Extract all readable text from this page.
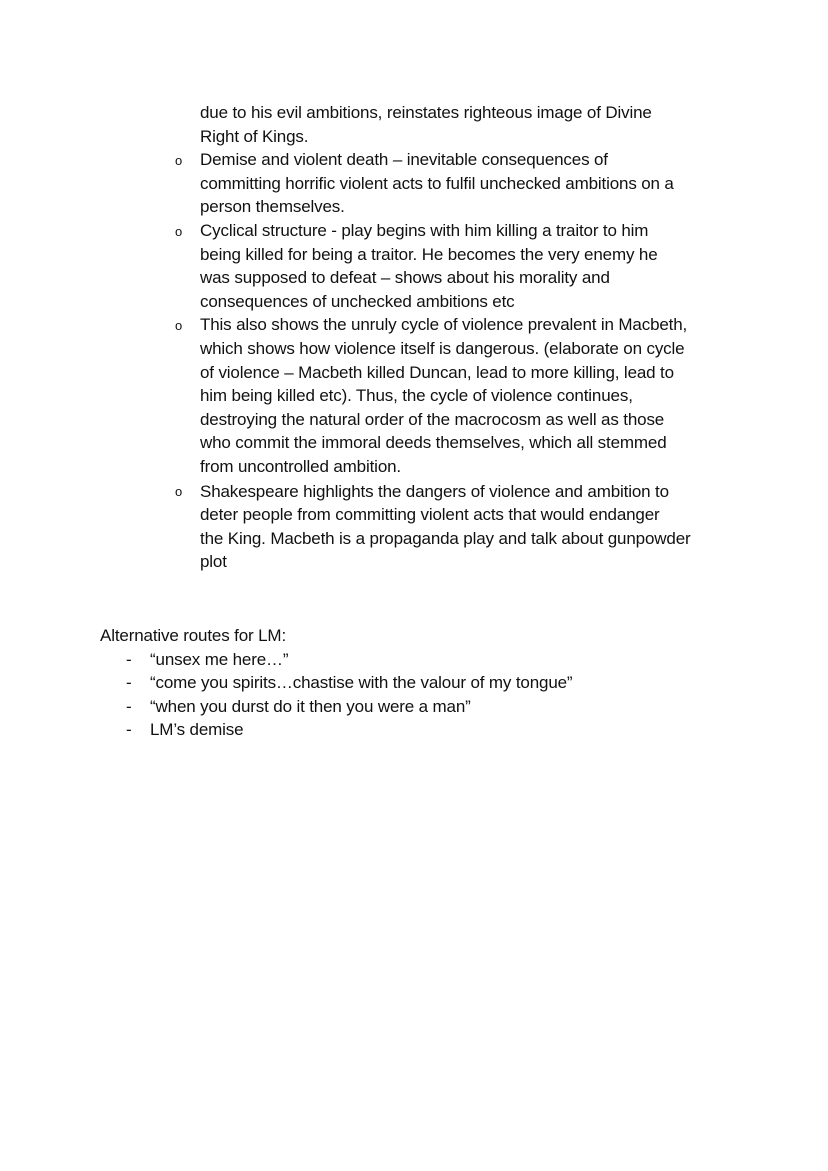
due to his evil ambitions, reinstates righteous image of Divine
Right of Kings.
o Demise and violent death – inevitable consequences of
committing horrific violent acts to fulfil unchecked ambitions on a
person themselves.
o Cyclical structure - play begins with him killing a traitor to him
being killed for being a traitor. He becomes the very enemy he
was supposed to defeat – shows about his morality and
consequences of unchecked ambitions etc
o This also shows the unruly cycle of violence prevalent in Macbeth,
which shows how violence itself is dangerous. (elaborate on cycle
of violence – Macbeth killed Duncan, lead to more killing, lead to
him being killed etc). Thus, the cycle of violence continues,
destroying the natural order of the macrocosm as well as those
who commit the immoral deeds themselves, which all stemmed
from uncontrolled ambition.
o Shakespeare highlights the dangers of violence and ambition to
deter people from committing violent acts that would endanger
the King. Macbeth is a propaganda play and talk about gunpowder
plot
Alternative routes for LM:
- “unsex me here…”
- “come you spirits…chastise with the valour of my tongue”
- “when you durst do it then you were a man”
- LM’s demise
